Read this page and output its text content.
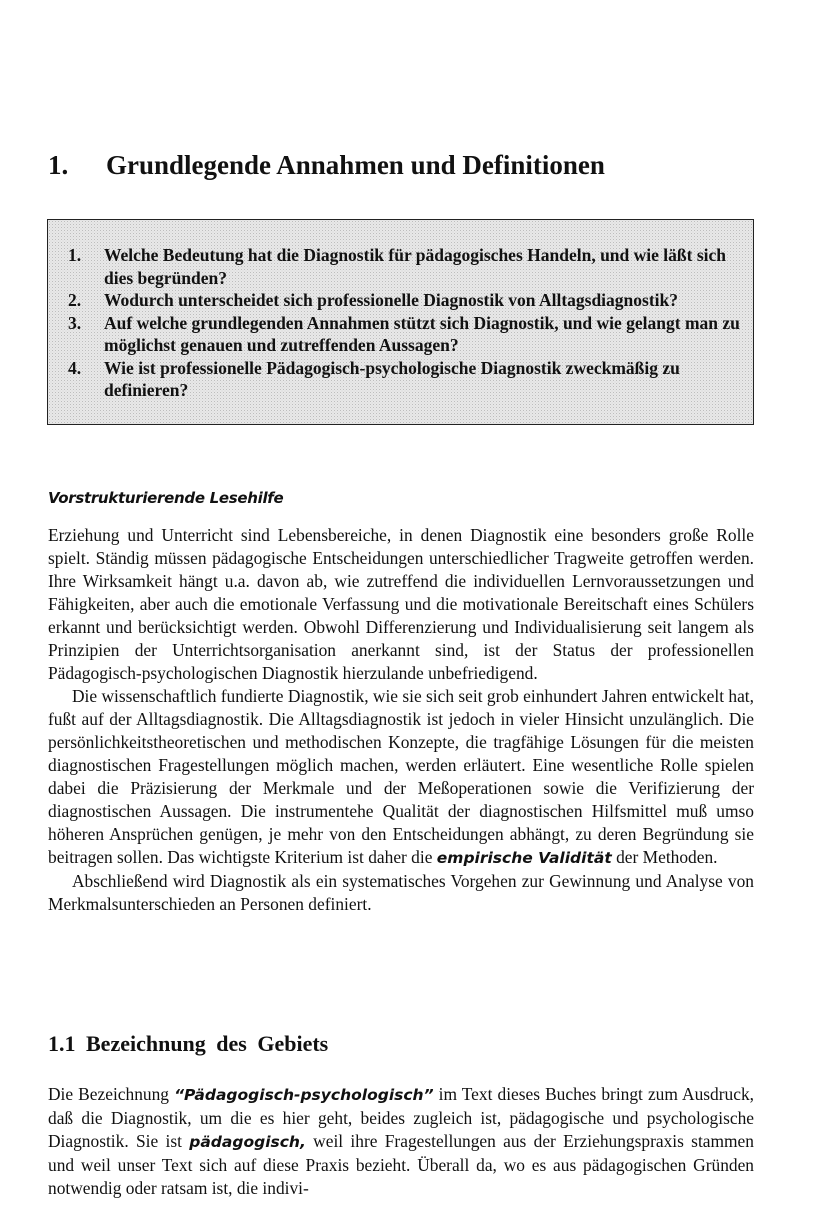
1. Grundlegende Annahmen und Definitionen
1. Welche Bedeutung hat die Diagnostik für pädagogisches Handeln, und wie läßt sich dies begründen?
2. Wodurch unterscheidet sich professionelle Diagnostik von Alltagsdiagnostik?
3. Auf welche grundlegenden Annahmen stützt sich Diagnostik, und wie gelangt man zu möglichst genauen und zutreffenden Aussagen?
4. Wie ist professionelle Pädagogisch-psychologische Diagnostik zweckmäßig zu definieren?
Vorstrukturierende Lesehilfe

Erziehung und Unterricht sind Lebensbereiche, in denen Diagnostik eine besonders große Rolle spielt. Ständig müssen pädagogische Entscheidungen unterschiedlicher Tragweite getroffen werden. Ihre Wirksamkeit hängt u.a. davon ab, wie zutreffend die individuellen Lernvoraussetzungen und Fähigkeiten, aber auch die emotionale Verfassung und die motivationale Bereitschaft eines Schülers erkannt und berücksichtigt werden. Obwohl Differenzierung und Individualisierung seit langem als Prinzipien der Unterrichtsorganisation anerkannt sind, ist der Status der professionellen Pädagogisch-psychologischen Diagnostik hierzulande unbefriedigend.

Die wissenschaftlich fundierte Diagnostik, wie sie sich seit grob einhundert Jahren entwickelt hat, fußt auf der Alltagsdiagnostik. Die Alltagsdiagnostik ist jedoch in vieler Hinsicht unzulänglich. Die persönlichkeitstheoretischen und methodischen Konzepte, die tragfähige Lösungen für die meisten diagnostischen Fragestellungen möglich machen, werden erläutert. Eine wesentliche Rolle spielen dabei die Präzisierung der Merkmale und der Meßoperationen sowie die Verifizierung der diagnostischen Aussagen. Die instrumentehe Qualität der diagnostischen Hilfsmittel muß umso höheren Ansprüchen genügen, je mehr von den Entscheidungen abhängt, zu deren Begründung sie beitragen sollen. Das wichtigste Kriterium ist daher die empirische Validität der Methoden.

Abschließend wird Diagnostik als ein systematisches Vorgehen zur Gewinnung und Analyse von Merkmalsunterschieden an Personen definiert.

1.1 Bezeichnung des Gebiets

Die Bezeichnung “Pädagogisch-psychologisch” im Text dieses Buches bringt zum Ausdruck, daß die Diagnostik, um die es hier geht, beides zugleich ist, pädagogische und psychologische Diagnostik. Sie ist pädagogisch, weil ihre Fragestellungen aus der Erziehungspraxis stammen und weil unser Text sich auf diese Praxis bezieht. Überall da, wo es aus pädagogischen Gründen notwendig oder ratsam ist, die indivi-
